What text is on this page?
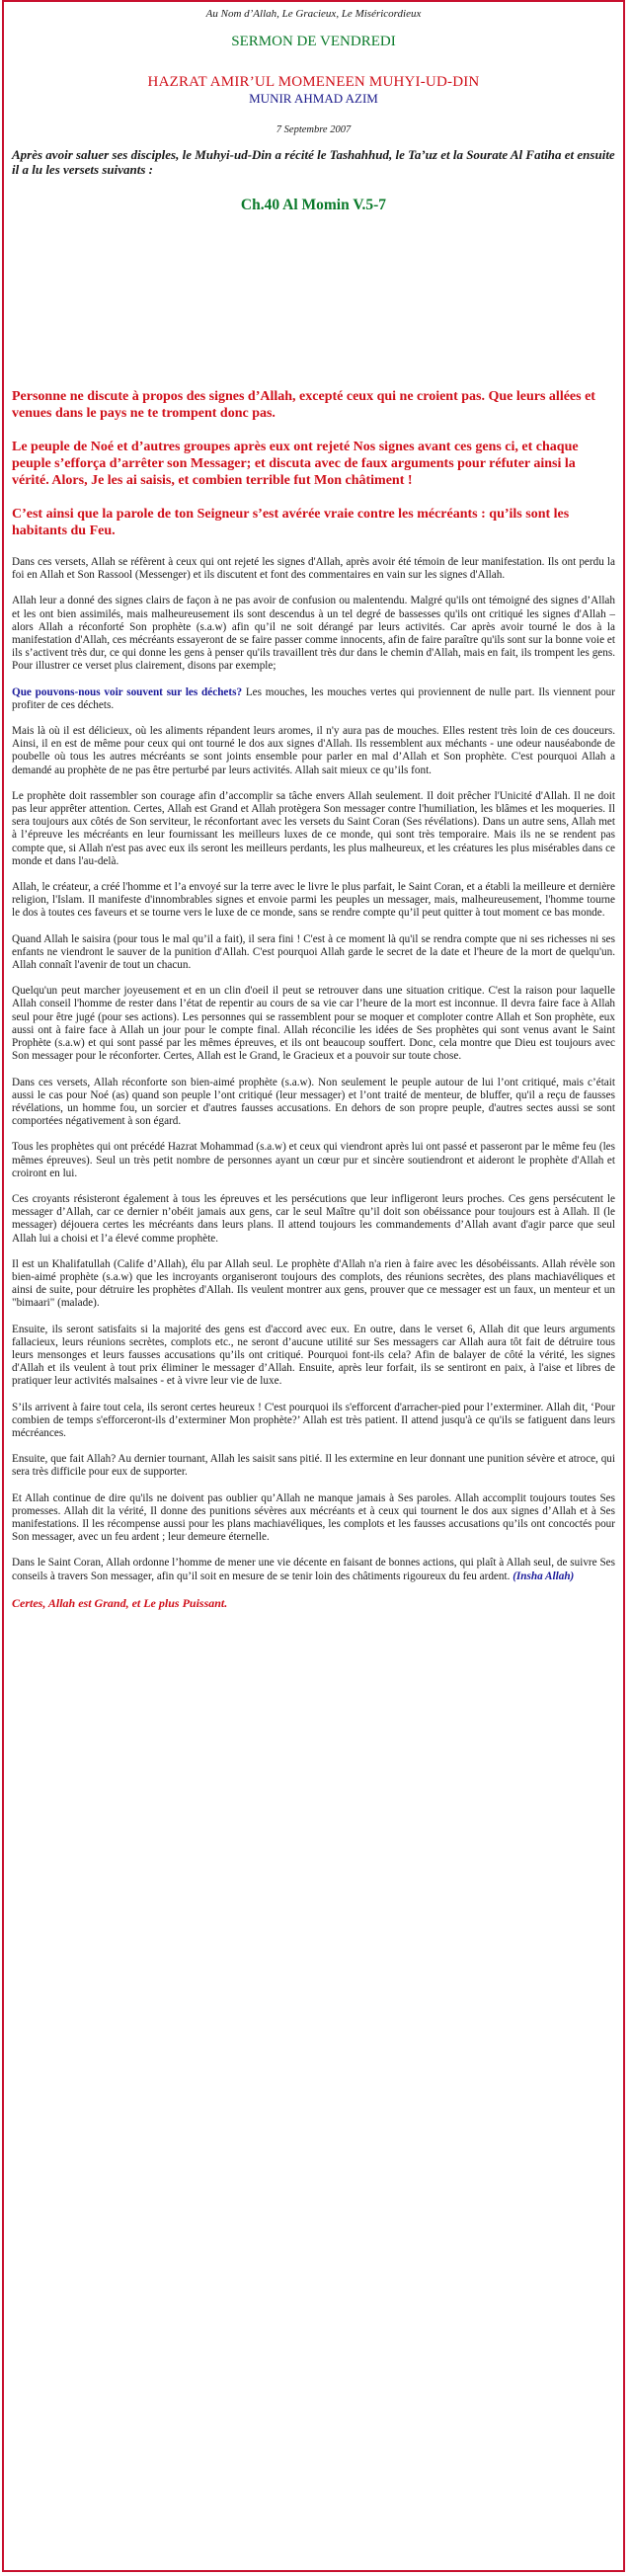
Au Nom d’Allah, Le Gracieux, Le Miséricordieux

SERMON DE VENDREDI

HAZRAT AMIR’UL MOMENEEN MUHYI-UD-DIN

MUNIR AHMAD AZIM

7 Septembre 2007

Après avoir saluer ses disciples, le Muhyi-ud-Din a récité le Tashahhud, le Ta’uz et la Sourate Al Fatiha et ensuite il a lu les versets suivants :

Ch.40 Al Momin V.5-7

Personne ne discute à propos des signes d’Allah, excepté ceux qui ne croient pas. Que leurs allées et venues dans le pays ne te trompent donc pas.

Le peuple de Noé et d’autres groupes après eux ont rejeté Nos signes avant ces gens ci, et chaque peuple s’efforça d’arrêter son Messager; et discuta avec de faux arguments pour réfuter ainsi la vérité. Alors, Je les ai saisis, et combien terrible fut Mon châtiment !

C’est ainsi que la parole de ton Seigneur s’est avérée vraie contre les mécréants : qu’ils sont les habitants du Feu.

Dans ces versets, Allah se réfèrent à ceux qui ont rejeté les signes d'Allah, après avoir été témoin de leur manifestation. Ils ont perdu la foi en Allah et Son Rassool (Messenger) et ils discutent et font des commentaires en vain sur les signes d'Allah.

Allah leur a donné des signes clairs de façon à ne pas avoir de confusion ou malentendu. Malgré qu'ils ont témoigné des signes d’Allah et les ont bien assimilés, mais malheureusement ils sont descendus à un tel degré de bassesses qu'ils ont critiqué les signes d'Allah – alors Allah a réconforté Son prophète (s.a.w) afin qu’il ne soit dérangé par leurs activités. Car après avoir tourné le dos à la manifestation d'Allah, ces mécréants essayeront de se faire passer comme innocents, afin de faire paraître qu'ils sont sur la bonne voie et ils s’activent très dur, ce qui donne les gens à penser qu'ils travaillent très dur dans le chemin d'Allah, mais en fait, ils trompent les gens. Pour illustrer ce verset plus clairement, disons par exemple;

Que pouvons-nous voir souvent sur les déchets? Les mouches, les mouches vertes qui proviennent de nulle part. Ils viennent pour profiter de ces déchets.

Mais là où il est délicieux, où les aliments répandent leurs aromes, il n'y aura pas de mouches. Elles restent très loin de ces douceurs. Ainsi, il en est de même pour ceux qui ont tourné le dos aux signes d'Allah. Ils ressemblent aux méchants - une odeur nauséabonde de poubelle où tous les autres mécréants se sont joints ensemble pour parler en mal d’Allah et Son prophète. C'est pourquoi Allah a demandé au prophète de ne pas être perturbé par leurs activités. Allah sait mieux ce qu’ils font.

Le prophète doit rassembler son courage afin d’accomplir sa tâche envers Allah seulement. Il doit prêcher l'Unicité d'Allah. Il ne doit pas leur apprêter attention. Certes, Allah est Grand et Allah protègera Son messager contre l'humiliation, les blâmes et les moqueries. Il sera toujours aux côtés de Son serviteur, le réconfortant avec les versets du Saint Coran (Ses révélations). Dans un autre sens, Allah met à l’épreuve les mécréants en leur fournissant les meilleurs luxes de ce monde, qui sont très temporaire. Mais ils ne se rendent pas compte que, si Allah n'est pas avec eux ils seront les meilleurs perdants, les plus malheureux, et les créatures les plus misérables dans ce monde et dans l'au-delà.

Allah, le créateur, a créé l'homme et l’a envoyé sur la terre avec le livre le plus parfait, le Saint Coran, et a établi la meilleure et dernière religion, l'Islam. Il manifeste d'innombrables signes et envoie parmi les peuples un messager, mais, malheureusement, l'homme tourne le dos à toutes ces faveurs et se tourne vers le luxe de ce monde, sans se rendre compte qu’il peut quitter à tout moment ce bas monde.

Quand Allah le saisira (pour tous le mal qu’il a fait), il sera fini ! C'est à ce moment là qu'il se rendra compte que ni ses richesses ni ses enfants ne viendront le sauver de la punition d'Allah. C'est pourquoi Allah garde le secret de la date et l'heure de la mort de quelqu'un. Allah connaît l'avenir de tout un chacun.

Quelqu'un peut marcher joyeusement et en un clin d'oeil il peut se retrouver dans une situation critique. C'est la raison pour laquelle Allah conseil l'homme de rester dans l’état de repentir au cours de sa vie car l’heure de la mort est inconnue. Il devra faire face à Allah seul pour être jugé (pour ses actions). Les personnes qui se rassemblent pour se moquer et comploter contre Allah et Son prophète, eux aussi ont à faire face à Allah un jour pour le compte final. Allah réconcilie les idées de Ses prophètes qui sont venus avant le Saint Prophète (s.a.w) et qui sont passé par les mêmes épreuves, et ils ont beaucoup souffert. Donc, cela montre que Dieu est toujours avec Son messager pour le réconforter. Certes, Allah est le Grand, le Gracieux et a pouvoir sur toute chose.

Dans ces versets, Allah réconforte son bien-aimé prophète (s.a.w). Non seulement le peuple autour de lui l’ont critiqué, mais c’était aussi le cas pour Noé (as) quand son peuple l’ont critiqué (leur messager) et l’ont traité de menteur, de bluffer, qu'il a reçu de fausses révélations, un homme fou, un sorcier et d'autres fausses accusations. En dehors de son propre peuple, d'autres sectes aussi se sont comportées négativement à son égard.

Tous les prophètes qui ont précédé Hazrat Mohammad (s.a.w) et ceux qui viendront après lui ont passé et passeront par le même feu (les mêmes épreuves). Seul un très petit nombre de personnes ayant un cœur pur et sincère soutiendront et aideront le prophète d'Allah et croiront en lui.

Ces croyants résisteront également à tous les épreuves et les persécutions que leur infligeront leurs proches. Ces gens persécutent le messager d’Allah, car ce dernier n’obéit jamais aux gens, car le seul Maître qu’il doit son obéissance pour toujours est à Allah. Il (le messager) déjouera certes les mécréants dans leurs plans. Il attend toujours les commandements d’Allah avant d'agir parce que seul Allah lui a choisi et l’a élevé comme prophète.

Il est un Khalifatullah (Calife d’Allah), élu par Allah seul. Le prophète d'Allah n'a rien à faire avec les désobéissants. Allah révèle son bien-aimé prophète (s.a.w) que les incroyants organiseront toujours des complots, des réunions secrètes, des plans machiavéliques et ainsi de suite, pour détruire les prophètes d'Allah. Ils veulent montrer aux gens, prouver que ce messager est un faux, un menteur et un "bimaari" (malade).

Ensuite, ils seront satisfaits si la majorité des gens est d'accord avec eux. En outre, dans le verset 6, Allah dit que leurs arguments fallacieux, leurs réunions secrètes, complots etc., ne seront d’aucune utilité sur Ses messagers car Allah aura tôt fait de détruire tous leurs mensonges et leurs fausses accusations qu’ils ont critiqué. Pourquoi font-ils cela? Afin de balayer de côté la vérité, les signes d'Allah et ils veulent à tout prix éliminer le messager d’Allah. Ensuite, après leur forfait, ils se sentiront en paix, à l'aise et libres de pratiquer leur activités malsaines - et à vivre leur vie de luxe.

S’ils arrivent à faire tout cela, ils seront certes heureux ! C'est pourquoi ils s'efforcent d'arracher-pied pour l’exterminer. Allah dit, ‘Pour combien de temps s'efforceront-ils d’exterminer Mon prophète?’ Allah est très patient. Il attend jusqu'à ce qu'ils se fatiguent dans leurs mécréances.

Ensuite, que fait Allah? Au dernier tournant, Allah les saisit sans pitié. Il les extermine en leur donnant une punition sévère et atroce, qui sera très difficile pour eux de supporter.

Et Allah continue de dire qu'ils ne doivent pas oublier qu’Allah ne manque jamais à Ses paroles. Allah accomplit toujours toutes Ses promesses. Allah dit la vérité, Il donne des punitions sévères aux mécréants et à ceux qui tournent le dos aux signes d’Allah et à Ses manifestations. Il les récompense aussi pour les plans machiavéliques, les complots et les fausses accusations qu’ils ont concoctés pour Son messager, avec un feu ardent ; leur demeure éternelle.

Dans le Saint Coran, Allah ordonne l’homme de mener une vie décente en faisant de bonnes actions, qui plaît à Allah seul, de suivre Ses conseils à travers Son messager, afin qu’il soit en mesure de se tenir loin des châtiments rigoureux du feu ardent. (Insha Allah)

Certes, Allah est Grand, et Le plus Puissant.
